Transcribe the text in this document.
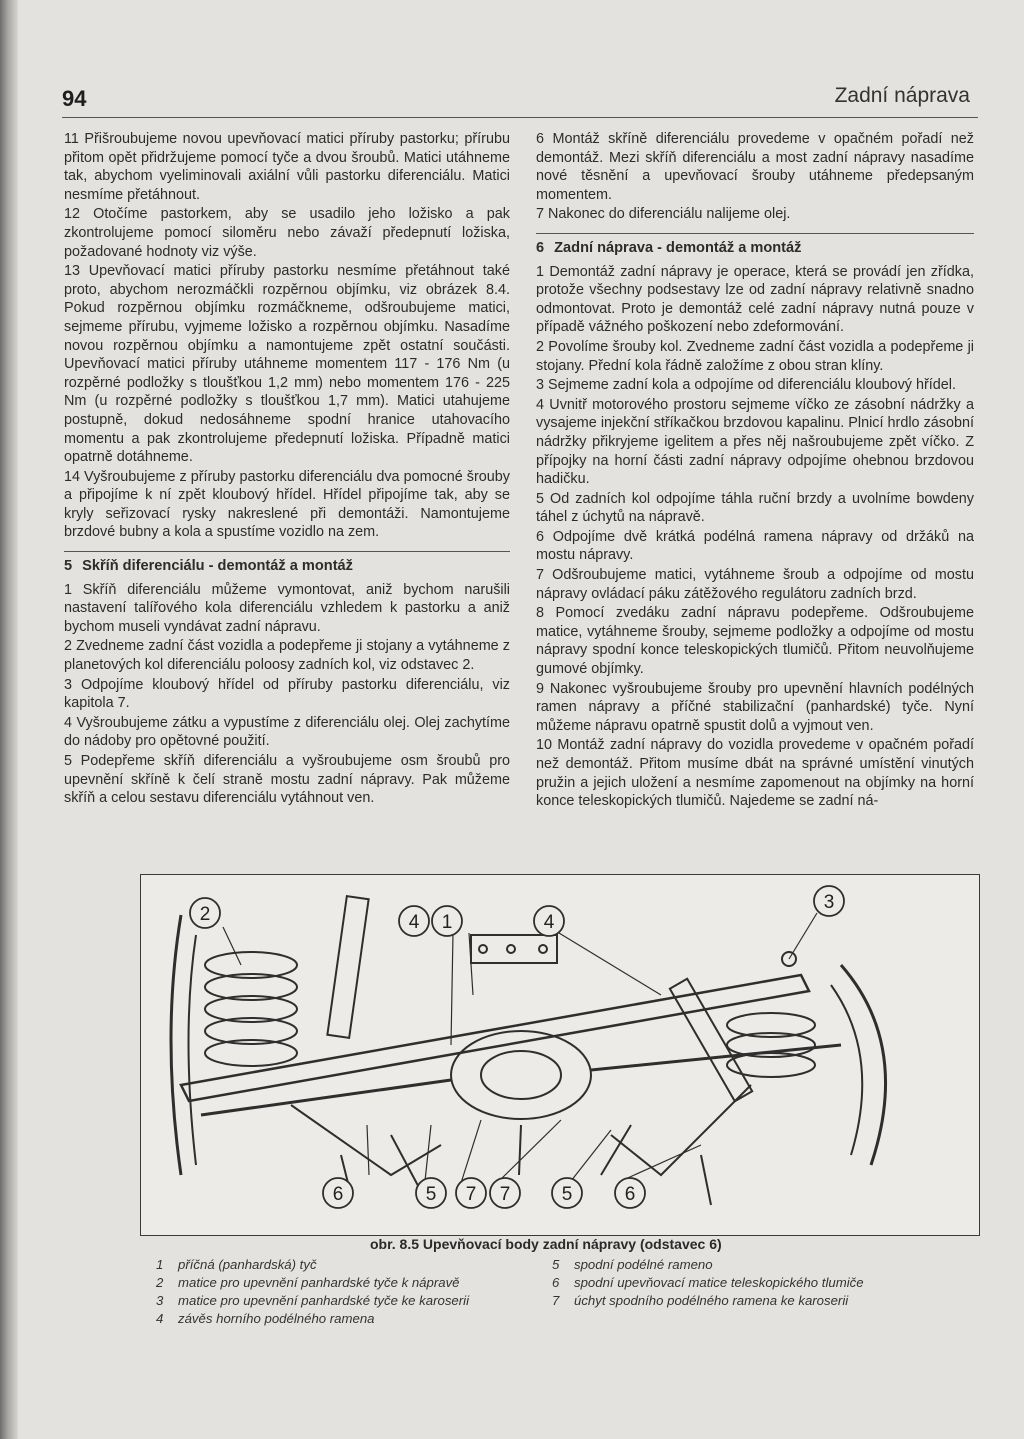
94	Zadní náprava

11 Přišroubujeme novou upevňovací matici příruby pastorku; přírubu přitom opět přidržujeme pomocí tyče a dvou šroubů. Matici utáhneme tak, abychom vyeliminovali axiální vůli pastorku diferenciálu. Matici nesmíme přetáhnout.

12 Otočíme pastorkem, aby se usadilo jeho ložisko a pak zkontrolujeme pomocí siloměru nebo závaží předepnutí ložiska, požadované hodnoty viz výše.

13 Upevňovací matici příruby pastorku nesmíme přetáhnout také proto, abychom nerozmáčkli rozpěrnou objímku, viz obrázek 8.4. Pokud rozpěrnou objímku rozmáčkneme, odšroubujeme matici, sejmeme přírubu, vyjmeme ložisko a rozpěrnou objímku. Nasadíme novou rozpěrnou objímku a namontujeme zpět ostatní součásti. Upevňovací matici příruby utáhneme momentem 117 - 176 Nm (u rozpěrné podložky s tloušťkou 1,2 mm) nebo momentem 176 - 225 Nm (u rozpěrné podložky s tloušťkou 1,7 mm). Matici utahujeme postupně, dokud nedosáhneme spodní hranice utahovacího momentu a pak zkontrolujeme předepnutí ložiska. Případně matici opatrně dotáhneme.

14 Vyšroubujeme z příruby pastorku diferenciálu dva pomocné šrouby a připojíme k ní zpět kloubový hřídel. Hřídel připojíme tak, aby se kryly seřizovací rysky nakreslené při demontáži. Namontujeme brzdové bubny a kola a spustíme vozidlo na zem.

5 Skříň diferenciálu - demontáž a montáž

1 Skříň diferenciálu můžeme vymontovat, aniž bychom narušili nastavení talířového kola diferenciálu vzhledem k pastorku a aniž bychom museli vyndávat zadní nápravu.

2 Zvedneme zadní část vozidla a podepřeme ji stojany a vytáhneme z planetových kol diferenciálu poloosy zadních kol, viz odstavec 2.

3 Odpojíme kloubový hřídel od příruby pastorku diferenciálu, viz kapitola 7.

4 Vyšroubujeme zátku a vypustíme z diferenciálu olej. Olej zachytíme do nádoby pro opětovné použití.

5 Podepřeme skříň diferenciálu a vyšroubujeme osm šroubů pro upevnění skříně k čelí straně mostu zadní nápravy. Pak můžeme skříň a celou sestavu diferenciálu vytáhnout ven.

6 Montáž skříně diferenciálu provedeme v opačném pořadí než demontáž. Mezi skříň diferenciálu a most zadní nápravy nasadíme nové těsnění a upevňovací šrouby utáhneme předepsaným momentem.

7 Nakonec do diferenciálu nalijeme olej.

6 Zadní náprava - demontáž a montáž

1 Demontáž zadní nápravy je operace, která se provádí jen zřídka, protože všechny podsestavy lze od zadní nápravy relativně snadno odmontovat. Proto je demontáž celé zadní nápravy nutná pouze v případě vážného poškození nebo zdeformování.

2 Povolíme šrouby kol. Zvedneme zadní část vozidla a podepřeme ji stojany. Přední kola řádně založíme z obou stran klíny.

3 Sejmeme zadní kola a odpojíme od diferenciálu kloubový hřídel.

4 Uvnitř motorového prostoru sejmeme víčko ze zásobní nádržky a vysajeme injekční stříkačkou brzdovou kapalinu. Plnicí hrdlo zásobní nádržky přikryjeme igelitem a přes něj našroubujeme zpět víčko. Z přípojky na horní části zadní nápravy odpojíme ohebnou brzdovou hadičku.

5 Od zadních kol odpojíme táhla ruční brzdy a uvolníme bowdeny táhel z úchytů na nápravě.

6 Odpojíme dvě krátká podélná ramena nápravy od držáků na mostu nápravy.

7 Odšroubujeme matici, vytáhneme šroub a odpojíme od mostu nápravy ovládací páku zátěžového regulátoru zadních brzd.

8 Pomocí zvedáku zadní nápravu podepřeme. Odšroubujeme matice, vytáhneme šrouby, sejmeme podložky a odpojíme od mostu nápravy spodní konce teleskopických tlumičů. Přitom neuvolňujeme gumové objímky.

9 Nakonec vyšroubujeme šrouby pro upevnění hlavních podélných ramen nápravy a příčné stabilizační (panhardské) tyče. Nyní můžeme nápravu opatrně spustit dolů a vyjmout ven.

10 Montáž zadní nápravy do vozidla provedeme v opačném pořadí než demontáž. Přitom musíme dbát na správné umístění vinutých pružin a jejich uložení a nesmíme zapomenout na objímky na horní konce teleskopických tlumičů. Najedeme se zadní ná-

2	4 1	4
3
6	5 7 7	5	6
obr. 8.5 Upevňovací body zadní nápravy (odstavec 6)
1 příčná (panhardská) tyč
2 matice pro upevnění panhardské tyče k nápravě
3 matice pro upevnění panhardské tyče ke karoserii
4 závěs horního podélného ramena
5 spodní podélné rameno
6 spodní upevňovací matice teleskopického tlumiče
7 úchyt spodního podélného ramena ke karoserii
